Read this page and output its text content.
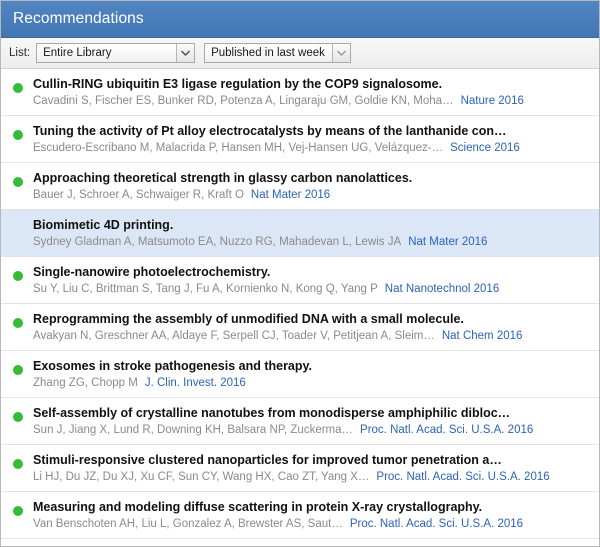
Recommendations
List:	Entire Library	Published in last week
Cullin-RING ubiquitin E3 ligase regulation by the COP9 signalosome.
Cavadini S, Fischer ES, Bunker RD, Potenza A, Lingaraju GM, Goldie KN, Moha… Nature 2016
Tuning the activity of Pt alloy electrocatalysts by means of the lanthanide con…
Escudero-Escribano M, Malacrida P, Hansen MH, Vej-Hansen UG, Velázquez-… Science 2016
Approaching theoretical strength in glassy carbon nanolattices.
Bauer J, Schroer A, Schwaiger R, Kraft O Nat Mater 2016
Biomimetic 4D printing.
Sydney Gladman A, Matsumoto EA, Nuzzo RG, Mahadevan L, Lewis JA Nat Mater 2016
Single-nanowire photoelectrochemistry.
Su Y, Liu C, Brittman S, Tang J, Fu A, Kornienko N, Kong Q, Yang P Nat Nanotechnol 2016
Reprogramming the assembly of unmodified DNA with a small molecule.
Avakyan N, Greschner AA, Aldaye F, Serpell CJ, Toader V, Petitjean A, Sleim… Nat Chem 2016
Exosomes in stroke pathogenesis and therapy.
Zhang ZG, Chopp M J. Clin. Invest. 2016
Self-assembly of crystalline nanotubes from monodisperse amphiphilic dibloc…
Sun J, Jiang X, Lund R, Downing KH, Balsara NP, Zuckerma… Proc. Natl. Acad. Sci. U.S.A. 2016
Stimuli-responsive clustered nanoparticles for improved tumor penetration a…
Li HJ, Du JZ, Du XJ, Xu CF, Sun CY, Wang HX, Cao ZT, Yang X… Proc. Natl. Acad. Sci. U.S.A. 2016
Measuring and modeling diffuse scattering in protein X-ray crystallography.
Van Benschoten AH, Liu L, Gonzalez A, Brewster AS, Saut… Proc. Natl. Acad. Sci. U.S.A. 2016
